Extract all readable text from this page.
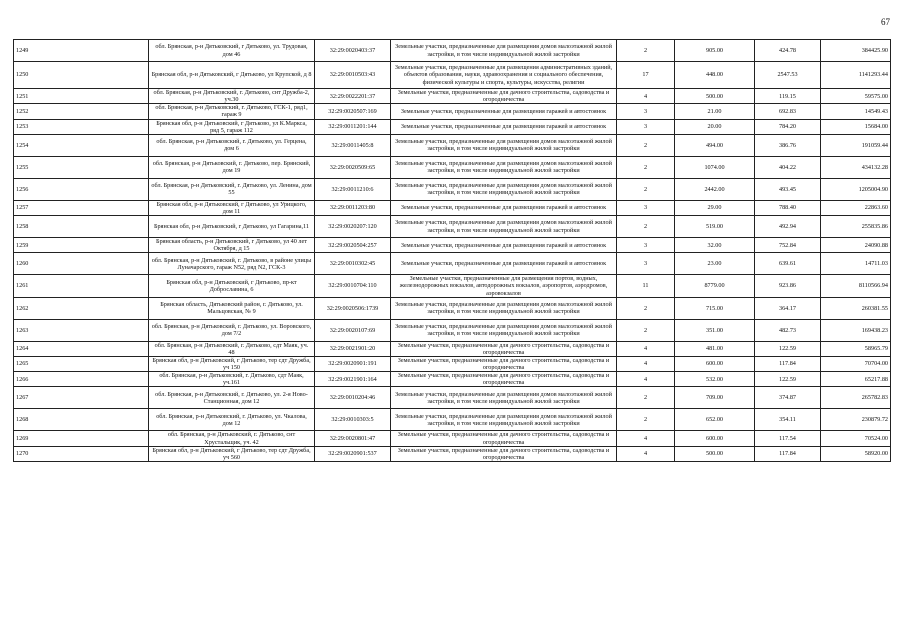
67
1249	обл. Брянская, р-н Дятьковский, г Дятьково, ул. Трудовая, дом 46	32:29:0020403:37	Земельные участки, предназначенные для размещения домов малоэтажной жилой застройки, в том числе индивидуальной жилой застройки	2	905.00	424.78	384425.90
1250	Брянская обл, р-н Дятьковский, г Дятьково, ул Крупской, д 8	32:29:0010503:43	Земельные участки, предназначенные для размещения административных зданий, объектов образования, науки, здравоохранения и социального обеспечения, физической культуры и спорта, культуры, искусства, религии	17	448.00	2547.53	1141293.44
1251	обл. Брянская, р-н Дятьковский, г. Дятьково, снт Дружба-2, уч.30	32:29:0022201:37	Земельные участки, предназначенные для дачного строительства, садоводства и огородничества	4	500.00	119.15	59575.00
1252	обл. Брянская, р-н Дятьковский, г. Дятьково, ГСК-1, ряд1, гараж 9	32:29:0020507:169	Земельные участки, предназначенные для размещения гаражей и автостоянок	3	21.00	692.83	14549.43
1253	Брянская обл, р-н Дятьковский, г Дятьково, ул К.Маркса, ряд 5, гараж 112	32:29:0011201:144	Земельные участки, предназначенные для размещения гаражей и автостоянок	3	20.00	784.20	15684.00
1254	обл. Брянская, р-н Дятьковский, г. Дятьково, ул. Герцена, дом 6	32:29:0011405:8	Земельные участки, предназначенные для размещения домов малоэтажной жилой застройки, в том числе индивидуальной жилой застройки	2	494.00	386.76	191059.44
1255	обл. Брянская, р-н Дятьковский, г. Дятьково, пер. Брянский, дом 19	32:29:0020509:65	Земельные участки, предназначенные для размещения домов малоэтажной жилой застройки, в том числе индивидуальной жилой застройки	2	1074.00	404.22	434132.28
1256	обл. Брянская, р-н Дятьковский, г. Дятьково, ул. Ленина, дом 55	32:29:0011210:6	Земельные участки, предназначенные для размещения домов малоэтажной жилой застройки, в том числе индивидуальной жилой застройки	2	2442.00	493.45	1205004.90
1257	Брянская обл, р-н Дятьковский, г Дятьково, ул Урицкого, дом 11	32:29:0011203:80	Земельные участки, предназначенные для размещения гаражей и автостоянок	3	29.00	788.40	22863.60
1258	Брянская обл, р-н Дятьковский, г Дятьково, ул Гагарина,11	32:29:0020207:120	Земельные участки, предназначенные для размещения домов малоэтажной жилой застройки, в том числе индивидуальной жилой застройки	2	519.00	492.94	255835.86
1259	Брянская область, р-н Дятьковский, г Дятьково, ул 40 лет Октября, д 15	32:29:0020504:257	Земельные участки, предназначенные для размещения гаражей и автостоянок	3	32.00	752.84	24090.88
1260	обл. Брянская, р-н Дятьковский, г. Дятьково, в районе улицы Луначарского, гараж N52, ряд N2, ГСК-3	32:29:0010302:45	Земельные участки, предназначенные для размещения гаражей и автостоянок	3	23.00	639.61	14711.03
1261	Брянская обл, р-н Дятьковский, г Дятьково, пр-кт Доброславина, 6	32:29:0010704:110	Земельные участки, предназначенные для размещения портов, водных, железнодорожных вокзалов, автодорожных вокзалов, аэропортов, аэродромов, аэровокзалов	11	8779.00	923.86	8110566.94
1262	Брянская область, Дятьковский район, г. Дятьково, ул. Мальцовская, № 9	32:29:0020506:1739	Земельные участки, предназначенные для размещения домов малоэтажной жилой застройки, в том числе индивидуальной жилой застройки	2	715.00	364.17	260381.55
1263	обл. Брянская, р-н Дятьковский, г. Дятьково, ул. Воровского, дом 7/2	32:29:0020107:69	Земельные участки, предназначенные для размещения домов малоэтажной жилой застройки, в том числе индивидуальной жилой застройки	2	351.00	482.73	169438.23
1264	обл. Брянская, р-н Дятьковский, г. Дятьково, сдт Маяк, уч. 48	32:29:0021901:20	Земельные участки, предназначенные для дачного строительства, садоводства и огородничества	4	481.00	122.59	58965.79
1265	Брянская обл, р-н Дятьковский, г Дятьково, тер сдт Дружба, уч 150	32:29:0020901:191	Земельные участки, предназначенные для дачного строительства, садоводства и огородничества	4	600.00	117.84	70704.00
1266	обл. Брянская, р-н Дятьковский, г. Дятьково, сдт Маяк, уч.161	32:29:0021901:164	Земельные участки, предназначенные для дачного строительства, садоводства и огородничества	4	532.00	122.59	65217.88
1267	обл. Брянская, р-н Дятьковский, г. Дятьково, ул. 2-я Ново-Станционная, дом 12	32:29:0010204:46	Земельные участки, предназначенные для размещения домов малоэтажной жилой застройки, в том числе индивидуальной жилой застройки	2	709.00	374.87	265782.83
1268	обл. Брянская, р-н Дятьковский, г. Дятьково, ул. Чкалова, дом 12	32:29:0010303:5	Земельные участки, предназначенные для размещения домов малоэтажной жилой застройки, в том числе индивидуальной жилой застройки	2	652.00	354.11	230879.72
1269	обл. Брянская, р-н Дятьковский, г. Дятьково, снт Хрустальщик, уч. 42	32:29:0020801:47	Земельные участки, предназначенные для дачного строительства, садоводства и огородничества	4	600.00	117.54	70524.00
1270	Брянская обл, р-н Дятьковский, г Дятьково, тер сдт Дружба, уч 560	32:29:0020901:537	Земельные участки, предназначенные для дачного строительства, садоводства и огородничества	4	500.00	117.84	58920.00
